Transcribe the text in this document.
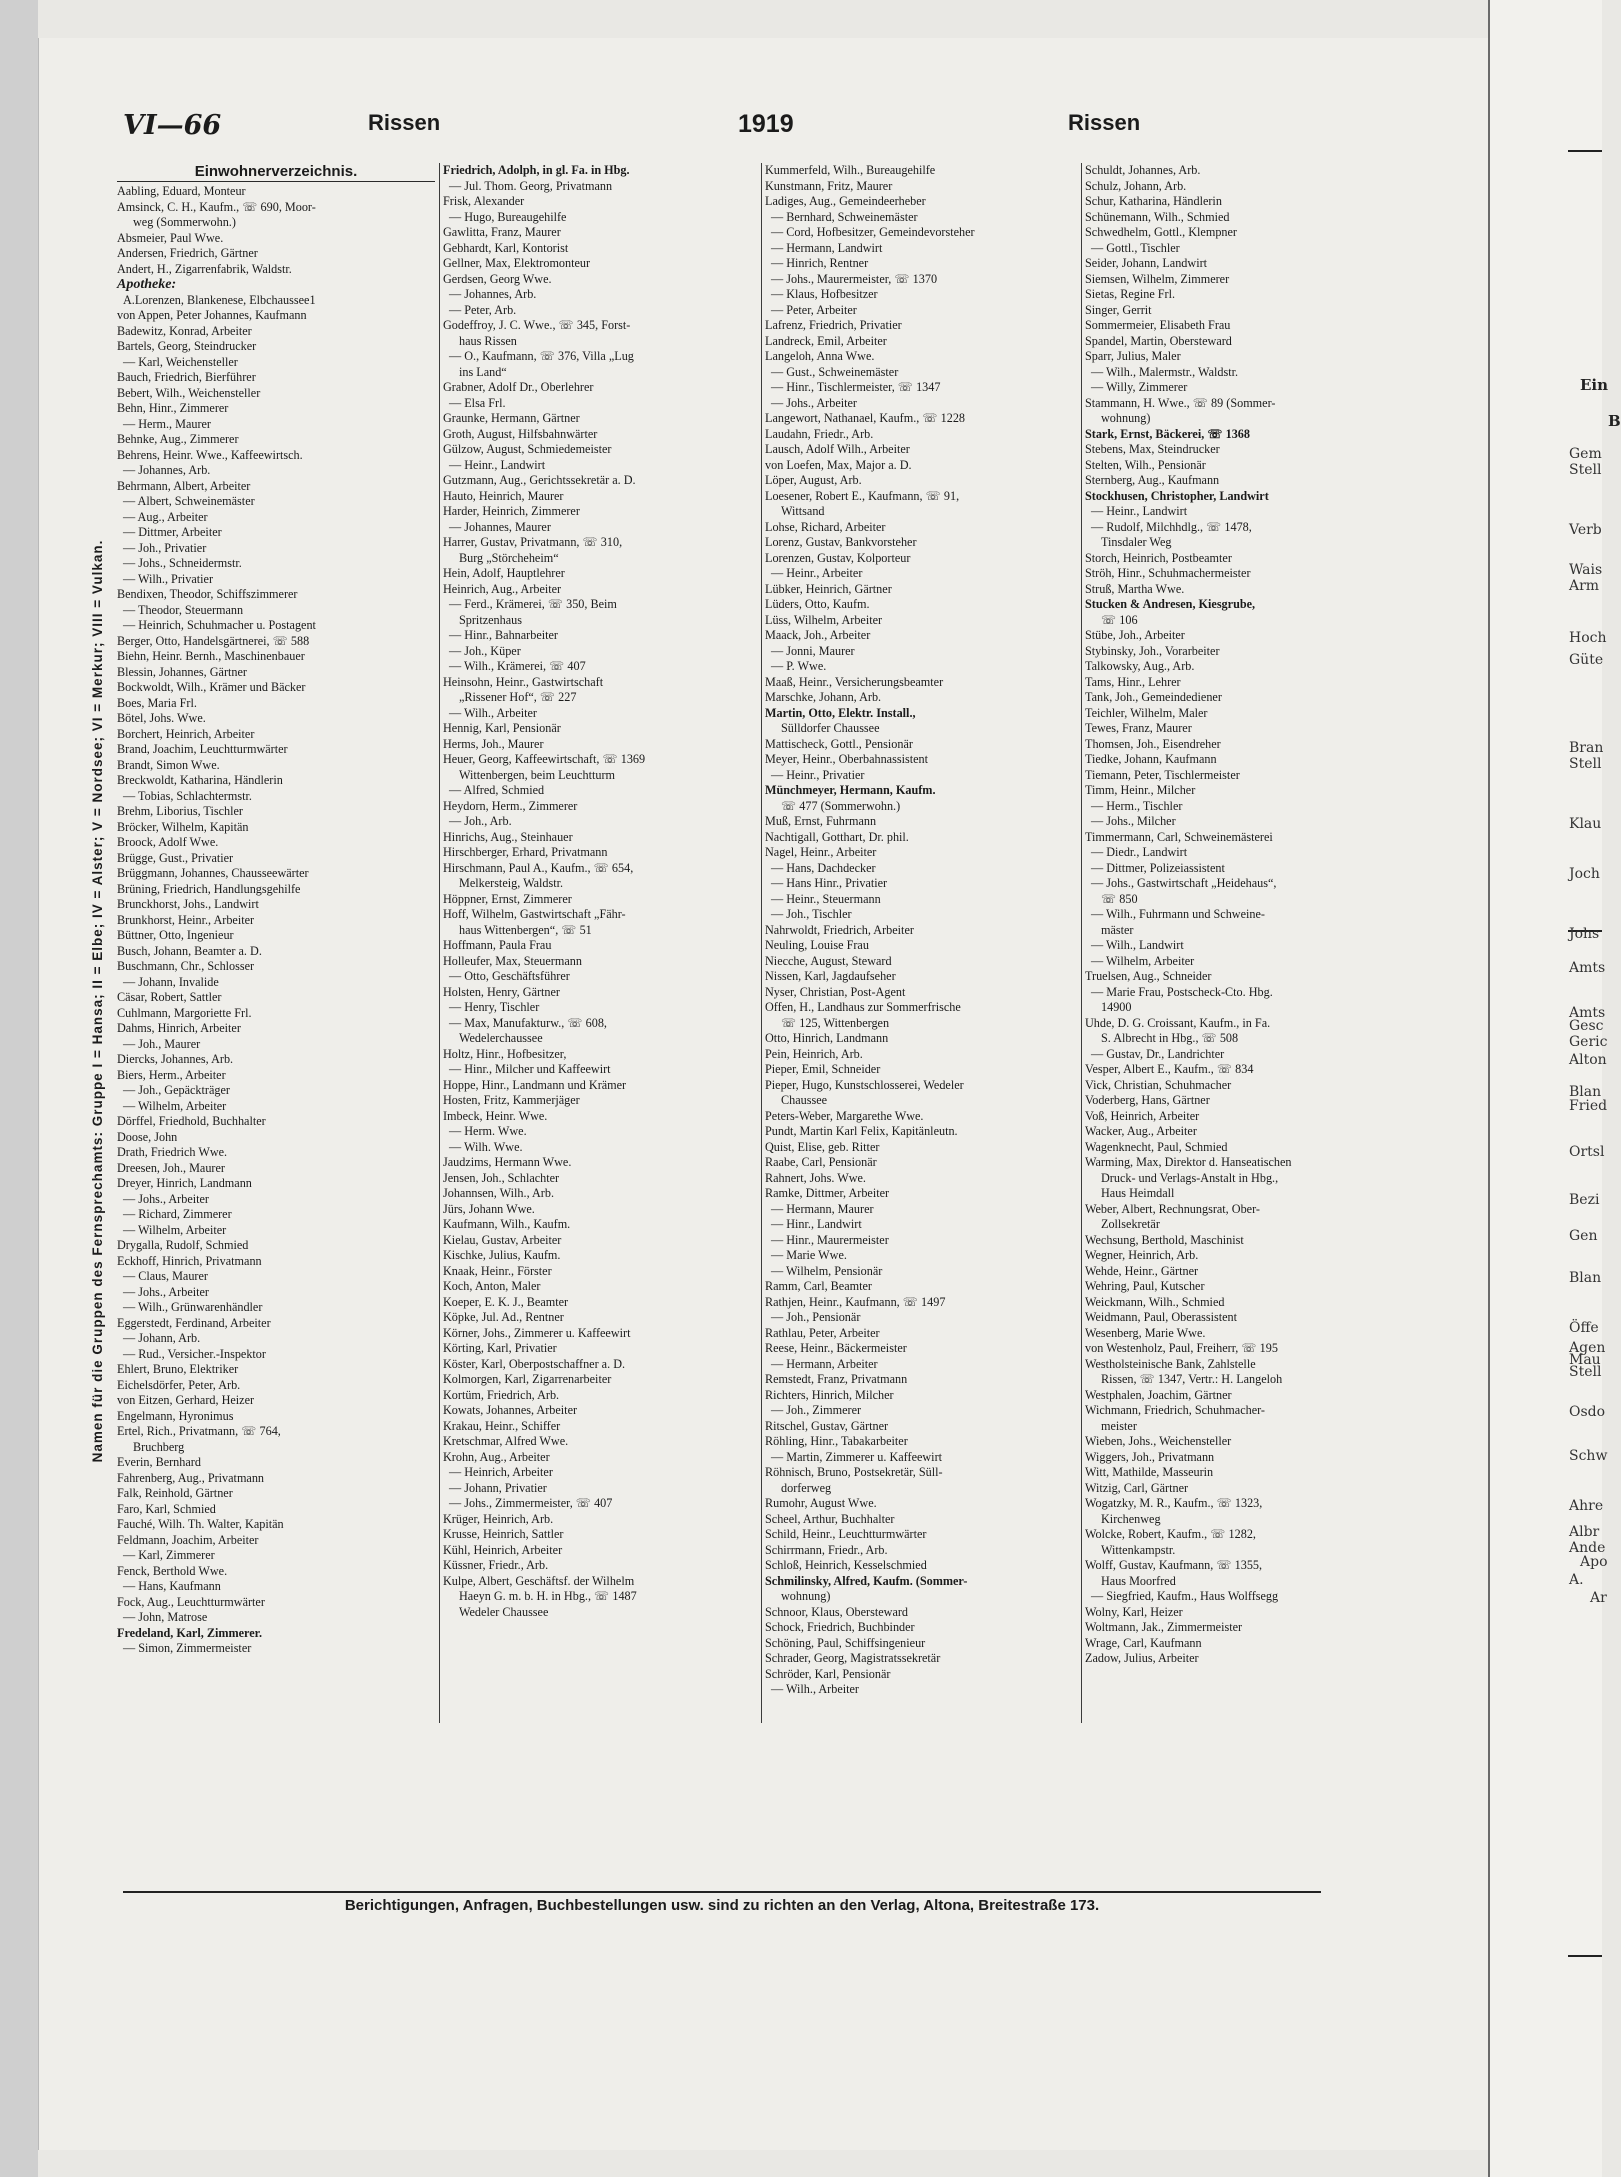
VI—66	Rissen	1919	Rissen
Namen für die Gruppen des Fernsprechamts: Gruppe I = Hansa; II = Elbe; IV = Alster; V = Nordsee; VI = Merkur; VIII = Vulkan.
Einwohnerverzeichnis.
Aabling, Eduard, Monteur
Amsinck, C. H., Kaufm., ☏ 690, Moor-
weg (Sommerwohn.)
Absmeier, Paul Wwe.
Andersen, Friedrich, Gärtner
Andert, H., Zigarrenfabrik, Waldstr.
Apotheke:
A.Lorenzen, Blankenese, Elbchaussee1
von Appen, Peter Johannes, Kaufmann
Badewitz, Konrad, Arbeiter
Bartels, Georg, Steindrucker
— Karl, Weichensteller
Bauch, Friedrich, Bierführer
Bebert, Wilh., Weichensteller
Behn, Hinr., Zimmerer
— Herm., Maurer
Behnke, Aug., Zimmerer
Behrens, Heinr. Wwe., Kaffeewirtsch.
— Johannes, Arb.
Behrmann, Albert, Arbeiter
— Albert, Schweinemäster
— Aug., Arbeiter
— Dittmer, Arbeiter
— Joh., Privatier
— Johs., Schneidermstr.
— Wilh., Privatier
Bendixen, Theodor, Schiffszimmerer
— Theodor, Steuermann
— Heinrich, Schuhmacher u. Postagent
Berger, Otto, Handelsgärtnerei, ☏ 588
Biehn, Heinr. Bernh., Maschinenbauer
Blessin, Johannes, Gärtner
Bockwoldt, Wilh., Krämer und Bäcker
Boes, Maria Frl.
Bötel, Johs. Wwe.
Borchert, Heinrich, Arbeiter
Brand, Joachim, Leuchtturmwärter
Brandt, Simon Wwe.
Breckwoldt, Katharina, Händlerin
— Tobias, Schlachtermstr.
Brehm, Liborius, Tischler
Bröcker, Wilhelm, Kapitän
Broock, Adolf Wwe.
Brügge, Gust., Privatier
Brüggmann, Johannes, Chausseewärter
Brüning, Friedrich, Handlungsgehilfe
Brunckhorst, Johs., Landwirt
Brunkhorst, Heinr., Arbeiter
Büttner, Otto, Ingenieur
Busch, Johann, Beamter a. D.
Buschmann, Chr., Schlosser
— Johann, Invalide
Cäsar, Robert, Sattler
Cuhlmann, Margoriette Frl.
Dahms, Hinrich, Arbeiter
— Joh., Maurer
Diercks, Johannes, Arb.
Biers, Herm., Arbeiter
— Joh., Gepäckträger
— Wilhelm, Arbeiter
Dörffel, Friedhold, Buchhalter
Doose, John
Drath, Friedrich Wwe.
Dreesen, Joh., Maurer
Dreyer, Hinrich, Landmann
— Johs., Arbeiter
— Richard, Zimmerer
— Wilhelm, Arbeiter
Drygalla, Rudolf, Schmied
Eckhoff, Hinrich, Privatmann
— Claus, Maurer
— Johs., Arbeiter
— Wilh., Grünwarenhändler
Eggerstedt, Ferdinand, Arbeiter
— Johann, Arb.
— Rud., Versicher.-Inspektor
Ehlert, Bruno, Elektriker
Eichelsdörfer, Peter, Arb.
von Eitzen, Gerhard, Heizer
Engelmann, Hyronimus
Ertel, Rich., Privatmann, ☏ 764,
Bruchberg
Everin, Bernhard
Fahrenberg, Aug., Privatmann
Falk, Reinhold, Gärtner
Faro, Karl, Schmied
Fauché, Wilh. Th. Walter, Kapitän
Feldmann, Joachim, Arbeiter
— Karl, Zimmerer
Fenck, Berthold Wwe.
— Hans, Kaufmann
Fock, Aug., Leuchtturmwärter
— John, Matrose
Fredeland, Karl, Zimmerer.
— Simon, Zimmermeister
Friedrich, Adolph, in gl. Fa. in Hbg.
— Jul. Thom. Georg, Privatmann
Frisk, Alexander
— Hugo, Bureaugehilfe
Gawlitta, Franz, Maurer
Gebhardt, Karl, Kontorist
Gellner, Max, Elektromonteur
Gerdsen, Georg Wwe.
— Johannes, Arb.
— Peter, Arb.
Godeffroy, J. C. Wwe., ☏ 345, Forst-
haus Rissen
— O., Kaufmann, ☏ 376, Villa „Lug
ins Land“
Grabner, Adolf Dr., Oberlehrer
— Elsa Frl.
Graunke, Hermann, Gärtner
Groth, August, Hilfsbahnwärter
Gülzow, August, Schmiedemeister
— Heinr., Landwirt
Gutzmann, Aug., Gerichtssekretär a. D.
Hauto, Heinrich, Maurer
Harder, Heinrich, Zimmerer
— Johannes, Maurer
Harrer, Gustav, Privatmann, ☏ 310,
Burg „Störcheheim“
Hein, Adolf, Hauptlehrer
Heinrich, Aug., Arbeiter
— Ferd., Krämerei, ☏ 350, Beim
Spritzenhaus
— Hinr., Bahnarbeiter
— Joh., Küper
— Wilh., Krämerei, ☏ 407
Heinsohn, Heinr., Gastwirtschaft
„Rissener Hof“, ☏ 227
— Wilh., Arbeiter
Hennig, Karl, Pensionär
Herms, Joh., Maurer
Heuer, Georg, Kaffeewirtschaft, ☏ 1369
Wittenbergen, beim Leuchtturm
— Alfred, Schmied
Heydorn, Herm., Zimmerer
— Joh., Arb.
Hinrichs, Aug., Steinhauer
Hirschberger, Erhard, Privatmann
Hirschmann, Paul A., Kaufm., ☏ 654,
Melkersteig, Waldstr.
Höppner, Ernst, Zimmerer
Hoff, Wilhelm, Gastwirtschaft „Fähr-
haus Wittenbergen“, ☏ 51
Hoffmann, Paula Frau
Holleufer, Max, Steuermann
— Otto, Geschäftsführer
Holsten, Henry, Gärtner
— Henry, Tischler
— Max, Manufakturw., ☏ 608,
Wedelerchaussee
Holtz, Hinr., Hofbesitzer,
— Hinr., Milcher und Kaffeewirt
Hoppe, Hinr., Landmann und Krämer
Hosten, Fritz, Kammerjäger
Imbeck, Heinr. Wwe.
— Herm. Wwe.
— Wilh. Wwe.
Jaudzims, Hermann Wwe.
Jensen, Joh., Schlachter
Johannsen, Wilh., Arb.
Jürs, Johann Wwe.
Kaufmann, Wilh., Kaufm.
Kielau, Gustav, Arbeiter
Kischke, Julius, Kaufm.
Knaak, Heinr., Förster
Koch, Anton, Maler
Koeper, E. K. J., Beamter
Köpke, Jul. Ad., Rentner
Körner, Johs., Zimmerer u. Kaffeewirt
Körting, Karl, Privatier
Köster, Karl, Oberpostschaffner a. D.
Kolmorgen, Karl, Zigarrenarbeiter
Kortüm, Friedrich, Arb.
Kowats, Johannes, Arbeiter
Krakau, Heinr., Schiffer
Kretschmar, Alfred Wwe.
Krohn, Aug., Arbeiter
— Heinrich, Arbeiter
— Johann, Privatier
— Johs., Zimmermeister, ☏ 407
Krüger, Heinrich, Arb.
Krusse, Heinrich, Sattler
Kühl, Heinrich, Arbeiter
Küssner, Friedr., Arb.
Kulpe, Albert, Geschäftsf. der Wilhelm
Haeyn G. m. b. H. in Hbg., ☏ 1487
Wedeler Chaussee
Kummerfeld, Wilh., Bureaugehilfe
Kunstmann, Fritz, Maurer
Ladiges, Aug., Gemeindeerheber
— Bernhard, Schweinemäster
— Cord, Hofbesitzer, Gemeindevorsteher
— Hermann, Landwirt
— Hinrich, Rentner
— Johs., Maurermeister, ☏ 1370
— Klaus, Hofbesitzer
— Peter, Arbeiter
Lafrenz, Friedrich, Privatier
Landreck, Emil, Arbeiter
Langeloh, Anna Wwe.
— Gust., Schweinemäster
— Hinr., Tischlermeister, ☏ 1347
— Johs., Arbeiter
Langewort, Nathanael, Kaufm., ☏ 1228
Laudahn, Friedr., Arb.
Lausch, Adolf Wilh., Arbeiter
von Loefen, Max, Major a. D.
Löper, August, Arb.
Loesener, Robert E., Kaufmann, ☏ 91,
Wittsand
Lohse, Richard, Arbeiter
Lorenz, Gustav, Bankvorsteher
Lorenzen, Gustav, Kolporteur
— Heinr., Arbeiter
Lübker, Heinrich, Gärtner
Lüders, Otto, Kaufm.
Lüss, Wilhelm, Arbeiter
Maack, Joh., Arbeiter
— Jonni, Maurer
— P. Wwe.
Maaß, Heinr., Versicherungsbeamter
Marschke, Johann, Arb.
Martin, Otto, Elektr. Install.,
Sülldorfer Chaussee
Mattischeck, Gottl., Pensionär
Meyer, Heinr., Oberbahnassistent
— Heinr., Privatier
Münchmeyer, Hermann, Kaufm.
☏ 477 (Sommerwohn.)
Muß, Ernst, Fuhrmann
Nachtigall, Gotthart, Dr. phil.
Nagel, Heinr., Arbeiter
— Hans, Dachdecker
— Hans Hinr., Privatier
— Heinr., Steuermann
— Joh., Tischler
Nahrwoldt, Friedrich, Arbeiter
Neuling, Louise Frau
Niecche, August, Steward
Nissen, Karl, Jagdaufseher
Nyser, Christian, Post-Agent
Offen, H., Landhaus zur Sommerfrische
☏ 125, Wittenbergen
Otto, Hinrich, Landmann
Pein, Heinrich, Arb.
Pieper, Emil, Schneider
Pieper, Hugo, Kunstschlosserei, Wedeler
Chaussee
Peters-Weber, Margarethe Wwe.
Pundt, Martin Karl Felix, Kapitänleutn.
Quist, Elise, geb. Ritter
Raabe, Carl, Pensionär
Rahnert, Johs. Wwe.
Ramke, Dittmer, Arbeiter
— Hermann, Maurer
— Hinr., Landwirt
— Hinr., Maurermeister
— Marie Wwe.
— Wilhelm, Pensionär
Ramm, Carl, Beamter
Rathjen, Heinr., Kaufmann, ☏ 1497
— Joh., Pensionär
Rathlau, Peter, Arbeiter
Reese, Heinr., Bäckermeister
— Hermann, Arbeiter
Remstedt, Franz, Privatmann
Richters, Hinrich, Milcher
— Joh., Zimmerer
Ritschel, Gustav, Gärtner
Röhling, Hinr., Tabakarbeiter
— Martin, Zimmerer u. Kaffeewirt
Röhnisch, Bruno, Postsekretär, Süll-
dorferweg
Rumohr, August Wwe.
Scheel, Arthur, Buchhalter
Schild, Heinr., Leuchtturmwärter
Schirrmann, Friedr., Arb.
Schloß, Heinrich, Kesselschmied
Schmilinsky, Alfred, Kaufm. (Sommer-
wohnung)
Schnoor, Klaus, Obersteward
Schock, Friedrich, Buchbinder
Schöning, Paul, Schiffsingenieur
Schrader, Georg, Magistratssekretär
Schröder, Karl, Pensionär
— Wilh., Arbeiter
Schuldt, Johannes, Arb.
Schulz, Johann, Arb.
Schur, Katharina, Händlerin
Schünemann, Wilh., Schmied
Schwedhelm, Gottl., Klempner
— Gottl., Tischler
Seider, Johann, Landwirt
Siemsen, Wilhelm, Zimmerer
Sietas, Regine Frl.
Singer, Gerrit
Sommermeier, Elisabeth Frau
Spandel, Martin, Obersteward
Sparr, Julius, Maler
— Wilh., Malermstr., Waldstr.
— Willy, Zimmerer
Stammann, H. Wwe., ☏ 89 (Sommer-
wohnung)
Stark, Ernst, Bäckerei, ☏ 1368
Stebens, Max, Steindrucker
Stelten, Wilh., Pensionär
Sternberg, Aug., Kaufmann
Stockhusen, Christopher, Landwirt
— Heinr., Landwirt
— Rudolf, Milchhdlg., ☏ 1478,
Tinsdaler Weg
Storch, Heinrich, Postbeamter
Ströh, Hinr., Schuhmachermeister
Struß, Martha Wwe.
Stucken & Andresen, Kiesgrube,
☏ 106
Stübe, Joh., Arbeiter
Stybinsky, Joh., Vorarbeiter
Talkowsky, Aug., Arb.
Tams, Hinr., Lehrer
Tank, Joh., Gemeindediener
Teichler, Wilhelm, Maler
Tewes, Franz, Maurer
Thomsen, Joh., Eisendreher
Tiedke, Johann, Kaufmann
Tiemann, Peter, Tischlermeister
Timm, Heinr., Milcher
— Herm., Tischler
— Johs., Milcher
Timmermann, Carl, Schweinemästerei
— Diedr., Landwirt
— Dittmer, Polizeiassistent
— Johs., Gastwirtschaft „Heidehaus“,
☏ 850
— Wilh., Fuhrmann und Schweine-
mäster
— Wilh., Landwirt
— Wilhelm, Arbeiter
Truelsen, Aug., Schneider
— Marie Frau, Postscheck-Cto. Hbg.
14900
Uhde, D. G. Croissant, Kaufm., in Fa.
S. Albrecht in Hbg., ☏ 508
— Gustav, Dr., Landrichter
Vesper, Albert E., Kaufm., ☏ 834
Vick, Christian, Schuhmacher
Voderberg, Hans, Gärtner
Voß, Heinrich, Arbeiter
Wacker, Aug., Arbeiter
Wagenknecht, Paul, Schmied
Warming, Max, Direktor d. Hanseatischen
Druck- und Verlags-Anstalt in Hbg.,
Haus Heimdall
Weber, Albert, Rechnungsrat, Ober-
Zollsekretär
Wechsung, Berthold, Maschinist
Wegner, Heinrich, Arb.
Wehde, Heinr., Gärtner
Wehring, Paul, Kutscher
Weickmann, Wilh., Schmied
Weidmann, Paul, Oberassistent
Wesenberg, Marie Wwe.
von Westenholz, Paul, Freiherr, ☏ 195
Westholsteinische Bank, Zahlstelle
Rissen, ☏ 1347, Vertr.: H. Langeloh
Westphalen, Joachim, Gärtner
Wichmann, Friedrich, Schuhmacher-
meister
Wieben, Johs., Weichensteller
Wiggers, Joh., Privatmann
Witt, Mathilde, Masseurin
Witzig, Carl, Gärtner
Wogatzky, M. R., Kaufm., ☏ 1323,
Kirchenweg
Wolcke, Robert, Kaufm., ☏ 1282,
Wittenkampstr.
Wolff, Gustav, Kaufmann, ☏ 1355,
Haus Moorfred
— Siegfried, Kaufm., Haus Wolffsegg
Wolny, Karl, Heizer
Woltmann, Jak., Zimmermeister
Wrage, Carl, Kaufmann
Zadow, Julius, Arbeiter
Berichtigungen, Anfragen, Buchbestellungen usw. sind zu richten an den Verlag, Altona, Breitestraße 173.
Ein
B
Gem
Stell
Verb
Wais
Arm
Hoch
Güte
Bran
Stell
Klau
Joch
Johs
Amts
Amts
Gesc
Geric
Alton
Blan
Fried
Ortsl
Bezi
Gen
Blan
Öffe
Agen
Mau
Stell
Osdo
Schw
Ahre
Albr
Ande
Apo
A.
Ar
